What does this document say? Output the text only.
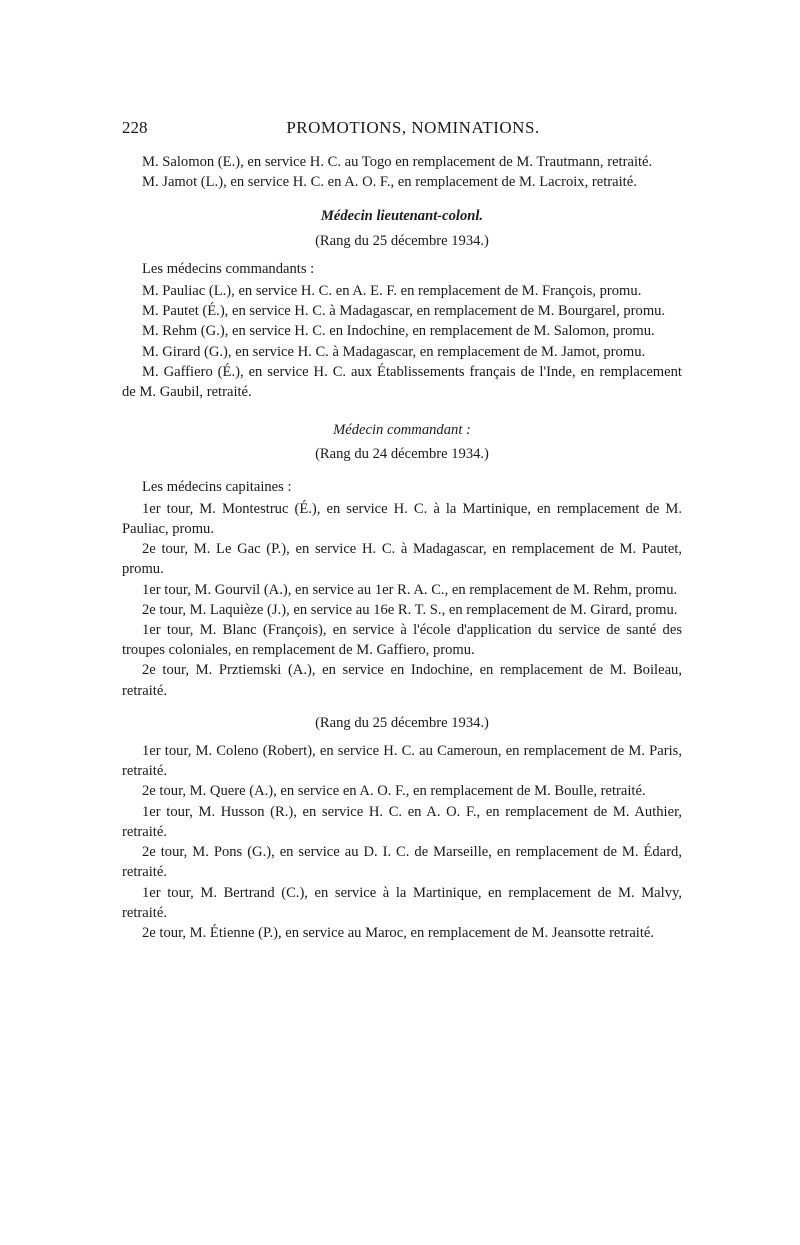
228	PROMOTIONS, NOMINATIONS.

M. Salomon (E.), en service H. C. au Togo en remplacement de M. Trautmann, retraité.

M. Jamot (L.), en service H. C. en A. O. F., en remplacement de M. Lacroix, retraité.

Médecin lieutenant-colonl.

(Rang du 25 décembre 1934.)

Les médecins commandants :

M. Pauliac (L.), en service H. C. en A. E. F. en remplacement de M. François, promu.

M. Pautet (É.), en service H. C. à Madagascar, en remplacement de M. Bourgarel, promu.

M. Rehm (G.), en service H. C. en Indochine, en remplacement de M. Salomon, promu.

M. Girard (G.), en service H. C. à Madagascar, en remplacement de M. Jamot, promu.

M. Gaffiero (É.), en service H. C. aux Établissements français de l'Inde, en remplacement de M. Gaubil, retraité.

Médecin commandant :

(Rang du 24 décembre 1934.)

Les médecins capitaines :

1er tour, M. Montestruc (É.), en service H. C. à la Martinique, en remplacement de M. Pauliac, promu.

2e tour, M. Le Gac (P.), en service H. C. à Madagascar, en remplacement de M. Pautet, promu.

1er tour, M. Gourvil (A.), en service au 1er R. A. C., en remplacement de M. Rehm, promu.

2e tour, M. Laquièze (J.), en service au 16e R. T. S., en remplacement de M. Girard, promu.

1er tour, M. Blanc (François), en service à l'école d'application du service de santé des troupes coloniales, en remplacement de M. Gaffiero, promu.

2e tour, M. Prztiemski (A.), en service en Indochine, en remplacement de M. Boileau, retraité.

(Rang du 25 décembre 1934.)

1er tour, M. Coleno (Robert), en service H. C. au Cameroun, en remplacement de M. Paris, retraité.

2e tour, M. Quere (A.), en service en A. O. F., en remplacement de M. Boulle, retraité.

1er tour, M. Husson (R.), en service H. C. en A. O. F., en remplacement de M. Authier, retraité.

2e tour, M. Pons (G.), en service au D. I. C. de Marseille, en remplacement de M. Édard, retraité.

1er tour, M. Bertrand (C.), en service à la Martinique, en remplacement de M. Malvy, retraité.

2e tour, M. Étienne (P.), en service au Maroc, en remplacement de M. Jeansotte retraité.
